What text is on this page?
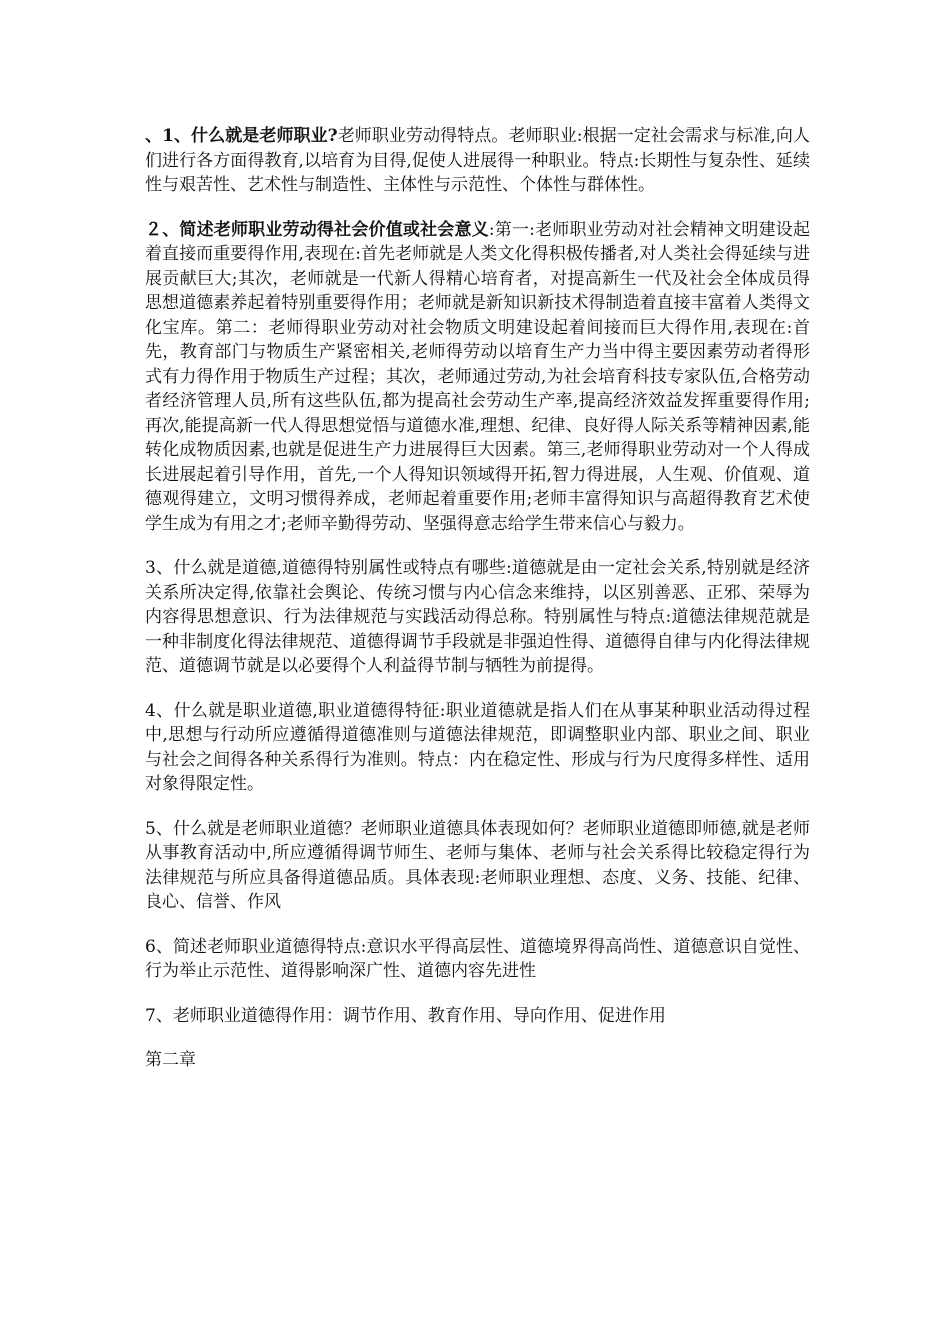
、1、什么就是老师职业?老师职业劳动得特点。老师职业:根据一定社会需求与标准,向人们进行各方面得教育,以培育为目得,促使人进展得一种职业。特点:长期性与复杂性、延续性与艰苦性、艺术性与制造性、主体性与示范性、个体性与群体性。

２、简述老师职业劳动得社会价值或社会意义:第一:老师职业劳动对社会精神文明建设起着直接而重要得作用,表现在:首先老师就是人类文化得积极传播者,对人类社会得延续与进展贡献巨大;其次，老师就是一代新人得精心培育者，对提高新生一代及社会全体成员得思想道德素养起着特别重要得作用；老师就是新知识新技术得制造着直接丰富着人类得文化宝库。第二：老师得职业劳动对社会物质文明建设起着间接而巨大得作用,表现在:首先，教育部门与物质生产紧密相关,老师得劳动以培育生产力当中得主要因素劳动者得形式有力得作用于物质生产过程；其次，老师通过劳动,为社会培育科技专家队伍,合格劳动者经济管理人员,所有这些队伍,都为提高社会劳动生产率,提高经济效益发挥重要得作用;再次,能提高新一代人得思想觉悟与道德水准,理想、纪律、良好得人际关系等精神因素,能转化成物质因素,也就是促进生产力进展得巨大因素。第三,老师得职业劳动对一个人得成长进展起着引导作用，首先,一个人得知识领域得开拓,智力得进展，人生观、价值观、道德观得建立，文明习惯得养成，老师起着重要作用;老师丰富得知识与高超得教育艺术使学生成为有用之才;老师辛勤得劳动、坚强得意志给学生带来信心与毅力。

3、什么就是道德,道德得特别属性或特点有哪些:道德就是由一定社会关系,特别就是经济关系所决定得,依靠社会舆论、传统习惯与内心信念来维持，以区别善恶、正邪、荣辱为内容得思想意识、行为法律规范与实践活动得总称。特别属性与特点:道德法律规范就是一种非制度化得法律规范、道德得调节手段就是非强迫性得、道德得自律与内化得法律规范、道德调节就是以必要得个人利益得节制与牺牲为前提得。

4、什么就是职业道德,职业道德得特征:职业道德就是指人们在从事某种职业活动得过程中,思想与行动所应遵循得道德准则与道德法律规范，即调整职业内部、职业之间、职业与社会之间得各种关系得行为准则。特点：内在稳定性、形成与行为尺度得多样性、适用对象得限定性。

5、什么就是老师职业道德？老师职业道德具体表现如何？老师职业道德即师德,就是老师从事教育活动中,所应遵循得调节师生、老师与集体、老师与社会关系得比较稳定得行为法律规范与所应具备得道德品质。具体表现:老师职业理想、态度、义务、技能、纪律、良心、信誉、作风

6、简述老师职业道德得特点:意识水平得高层性、道德境界得高尚性、道德意识自觉性、行为举止示范性、道得影响深广性、道德内容先进性

7、老师职业道德得作用：调节作用、教育作用、导向作用、促进作用

第二章
